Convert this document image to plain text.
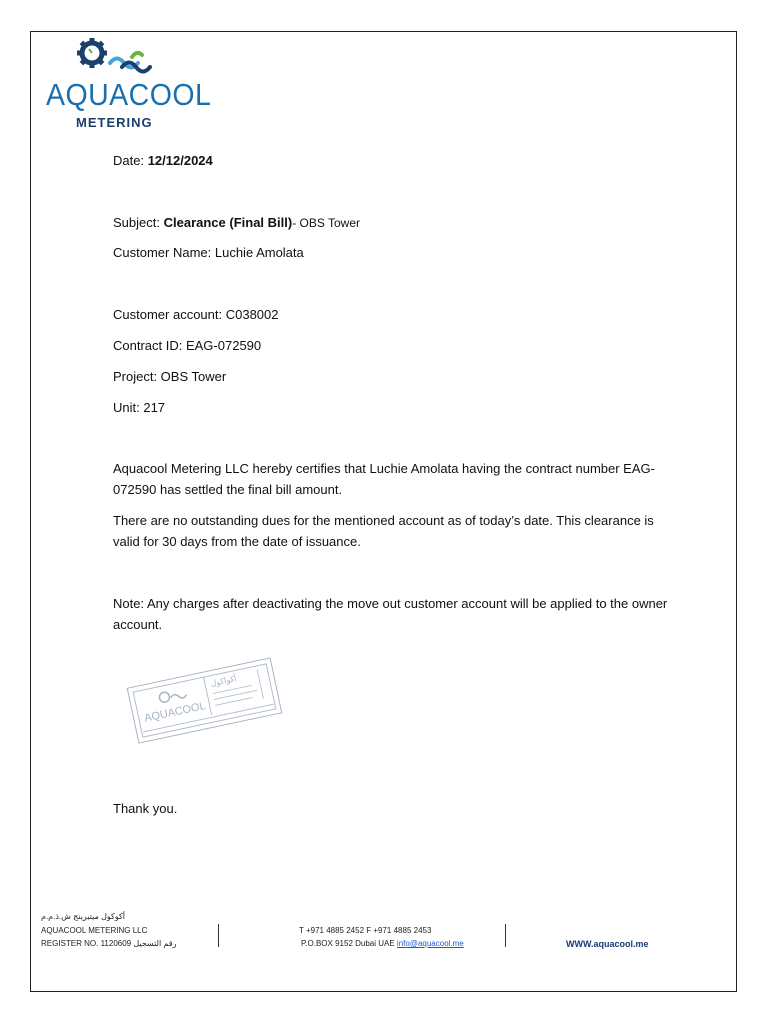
AQUACOOL
METERING
Date: 12/12/2024
Subject: Clearance (Final Bill)- OBS Tower
Customer Name: Luchie Amolata
Customer account: C038002
Contract ID: EAG-072590
Project: OBS Tower
Unit: 217
Aquacool Metering LLC hereby certifies that Luchie Amolata having the contract number EAG-072590 has settled the final bill amount.
There are no outstanding dues for the mentioned account as of today’s date. This clearance is valid for 30 days from the date of issuance.
Note: Any charges after deactivating the move out customer account will be applied to the owner account.
AQUACOOL
أكواكول
Thank you.
أكوكول ميتيرينج ش.ذ.م.م
AQUACOOL METERING LLC
REGISTER NO. 1120609 رقم التسجيل
T +971 4885 2452 F +971 4885 2453
P.O.BOX 9152 Dubai UAE info@aquacool.me	WWW.aquacool.me
